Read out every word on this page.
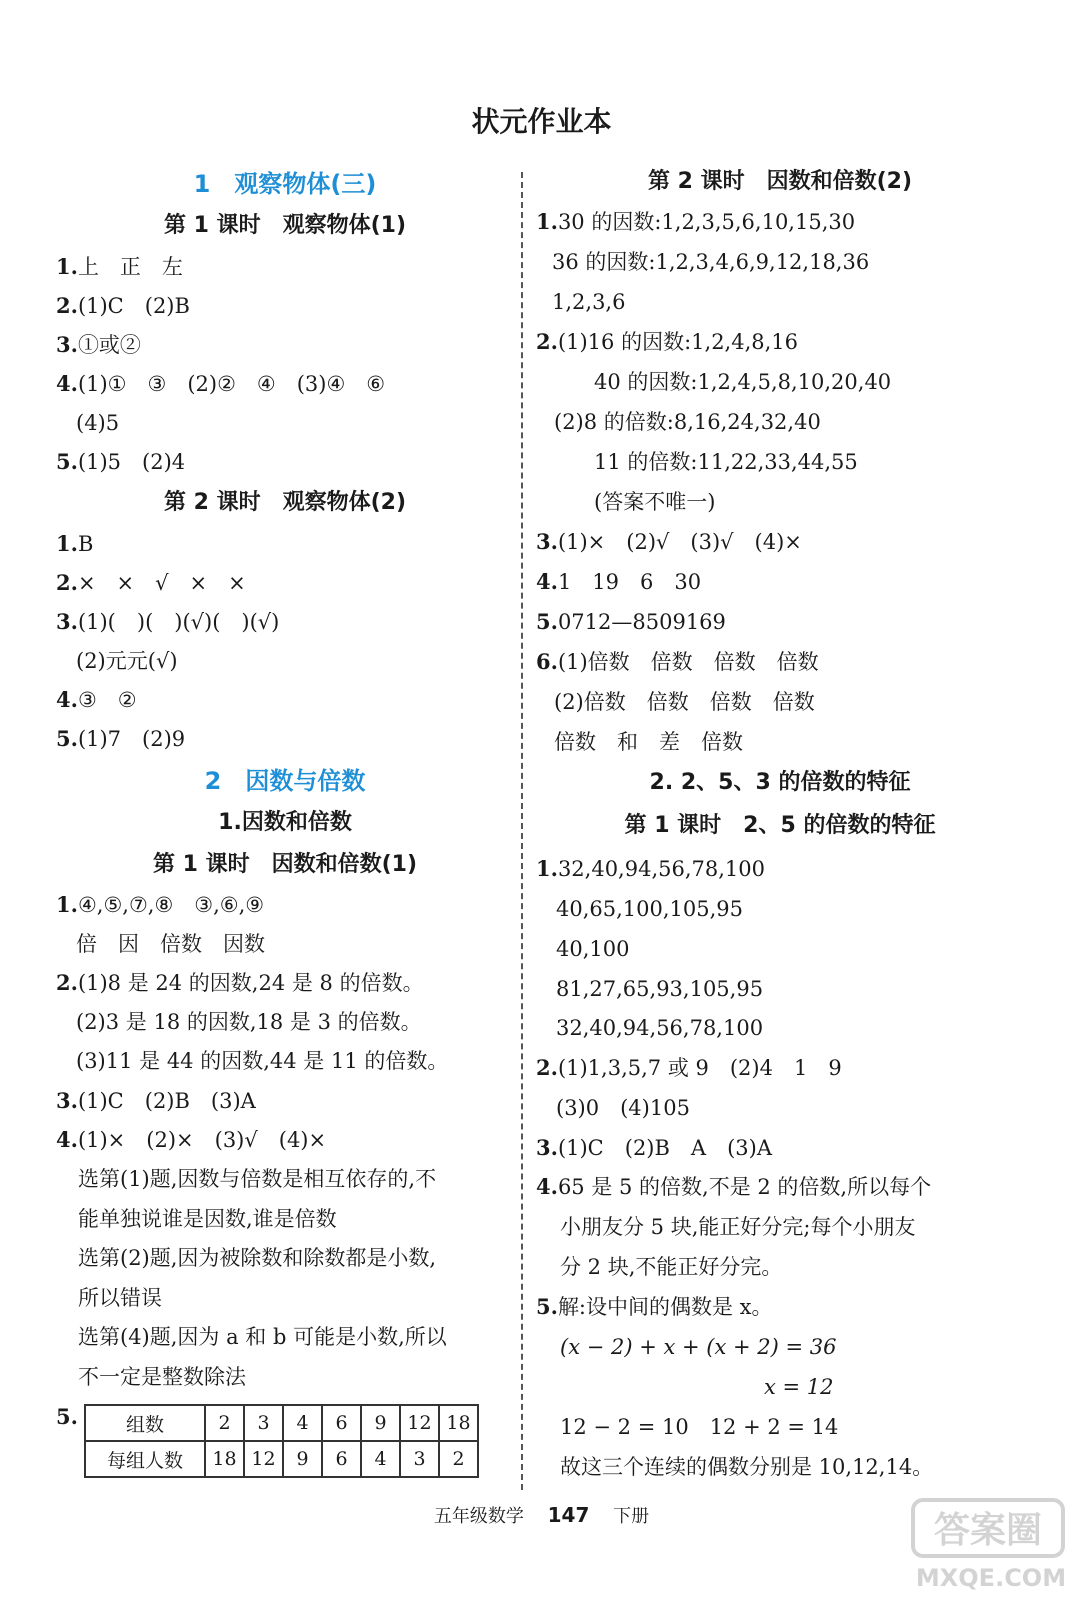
状元作业本
1　观察物体(三)
第 1 课时　观察物体(1)
1.上　正　左
2.(1)C　(2)B
3.①或②
4.(1)①　③　(2)②　④　(3)④　⑥
(4)5
5.(1)5　(2)4
第 2 课时　观察物体(2)
1.B
2.×　×　√　×　×
3.(1)(　)(　)(√)(　)(√)
(2)元元(√)
4.③　②
5.(1)7　(2)9
2　因数与倍数
1.因数和倍数
第 1 课时　因数和倍数(1)
1.④,⑤,⑦,⑧　③,⑥,⑨
倍　因　倍数　因数
2.(1)8 是 24 的因数,24 是 8 的倍数。
(2)3 是 18 的因数,18 是 3 的倍数。
(3)11 是 44 的因数,44 是 11 的倍数。
3.(1)C　(2)B　(3)A
4.(1)×　(2)×　(3)√　(4)×
选第(1)题,因数与倍数是相互依存的,不
能单独说谁是因数,谁是倍数
选第(2)题,因为被除数和除数都是小数,
所以错误
选第(4)题,因为 a 和 b 可能是小数,所以
不一定是整数除法
5.	组数	2	3	4	6	9	12	18
每组人数	18	12	9	6	4	3	2
第 2 课时　因数和倍数(2)
1.30 的因数:1,2,3,5,6,10,15,30
36 的因数:1,2,3,4,6,9,12,18,36
1,2,3,6
2.(1)16 的因数:1,2,4,8,16
40 的因数:1,2,4,5,8,10,20,40
(2)8 的倍数:8,16,24,32,40
11 的倍数:11,22,33,44,55
(答案不唯一)
3.(1)×　(2)√　(3)√　(4)×
4.1　19　6　30
5.0712—8509169
6.(1)倍数　倍数　倍数　倍数
(2)倍数　倍数　倍数　倍数
倍数　和　差　倍数
2. 2、5、3 的倍数的特征
第 1 课时　2、5 的倍数的特征
1.32,40,94,56,78,100
40,65,100,105,95
40,100
81,27,65,93,105,95
32,40,94,56,78,100
2.(1)1,3,5,7 或 9　(2)4　1　9
(3)0　(4)105
3.(1)C　(2)B　A　(3)A
4.65 是 5 的倍数,不是 2 的倍数,所以每个
小朋友分 5 块,能正好分完;每个小朋友
分 2 块,不能正好分完。
5.解:设中间的偶数是 x。
(x − 2) + x + (x + 2) = 36
x = 12
12 − 2 = 10　12 + 2 = 14
故这三个连续的偶数分别是 10,12,14。
五年级数学 147 下册	答案圈
MXQE.COM
